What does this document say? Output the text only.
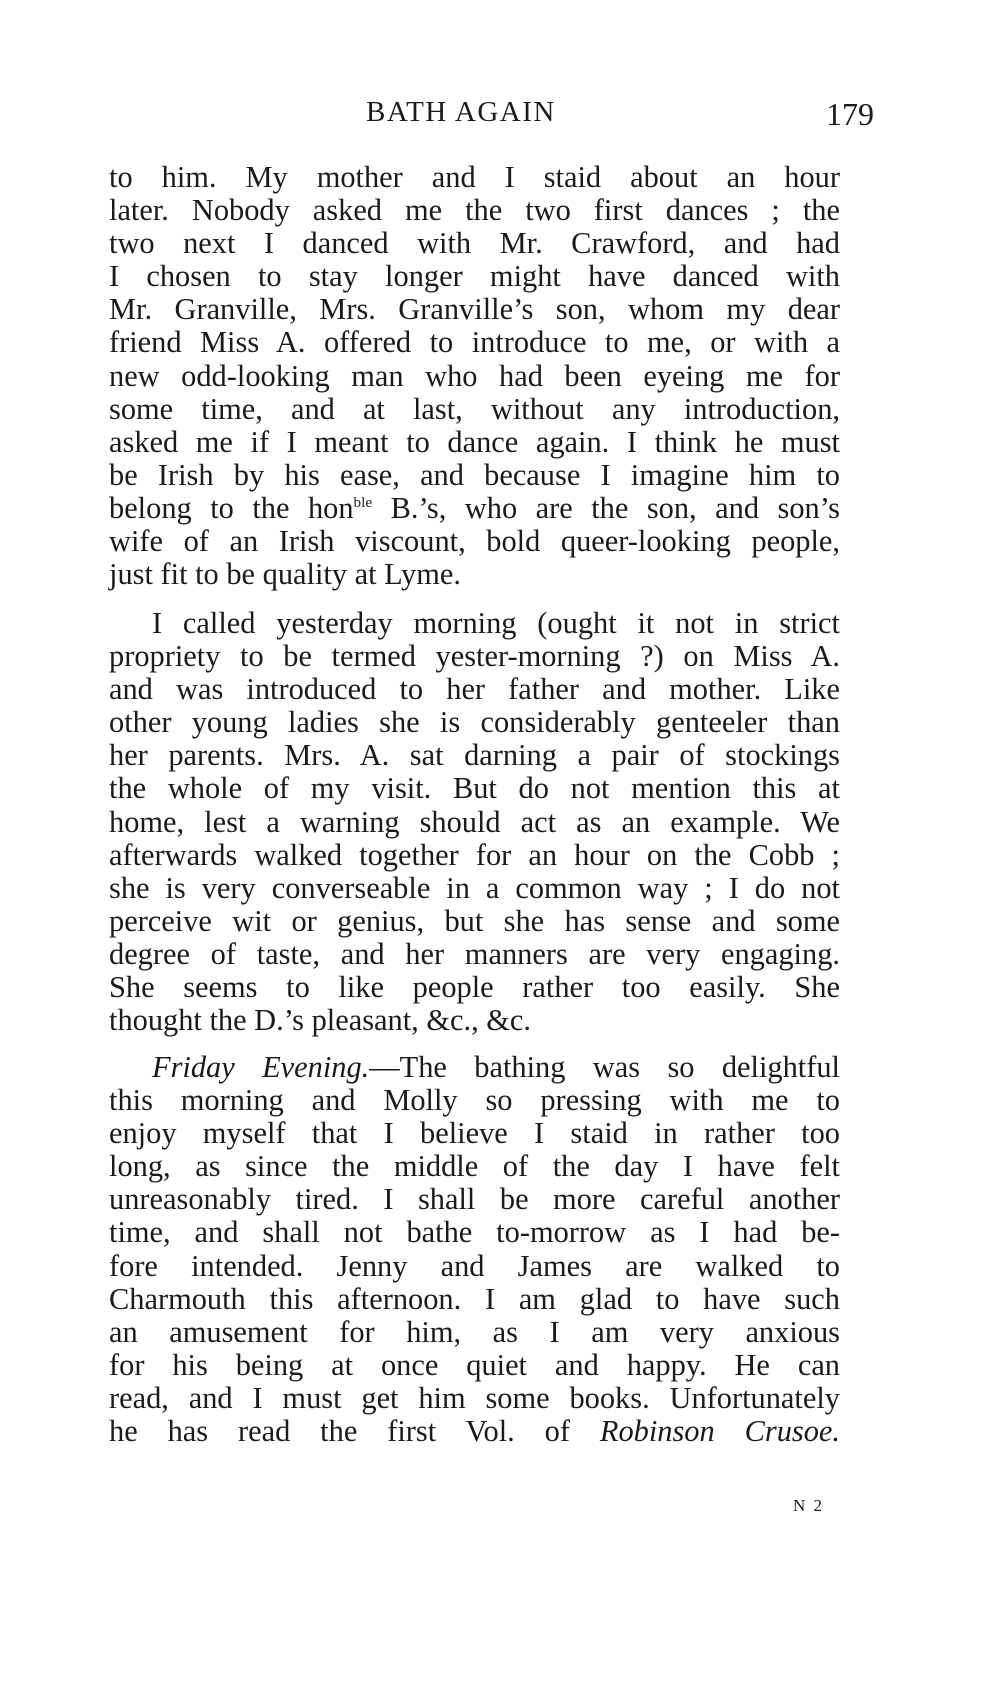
BATH AGAIN	179
to him. My mother and I staid about an hour
later. Nobody asked me the two first dances ; the
two next I danced with Mr. Crawford, and had
I chosen to stay longer might have danced with
Mr. Granville, Mrs. Granville’s son, whom my dear
friend Miss A. offered to introduce to me, or with a
new odd-looking man who had been eyeing me for
some time, and at last, without any introduction,
asked me if I meant to dance again. I think he must
be Irish by his ease, and because I imagine him to
belong to the hon$^{ble}$ B.’s, who are the son, and son’s
wife of an Irish viscount, bold queer-looking people,
just fit to be quality at Lyme.
I called yesterday morning (ought it not in strict
propriety to be termed yester-morning ?) on Miss A.
and was introduced to her father and mother. Like
other young ladies she is considerably genteeler than
her parents. Mrs. A. sat darning a pair of stockings
the whole of my visit. But do not mention this at
home, lest a warning should act as an example. We
afterwards walked together for an hour on the Cobb ;
she is very converseable in a common way ; I do not
perceive wit or genius, but she has sense and some
degree of taste, and her manners are very engaging.
She seems to like people rather too easily. She
thought the D.’s pleasant, &c., &c.
Friday Evening.—The bathing was so delightful
this morning and Molly so pressing with me to
enjoy myself that I believe I staid in rather too
long, as since the middle of the day I have felt
unreasonably tired. I shall be more careful another
time, and shall not bathe to-morrow as I had be-
fore intended. Jenny and James are walked to
Charmouth this afternoon. I am glad to have such
an amusement for him, as I am very anxious
for his being at once quiet and happy. He can
read, and I must get him some books. Unfortunately
he has read the first Vol. of Robinson Crusoe.
N 2
